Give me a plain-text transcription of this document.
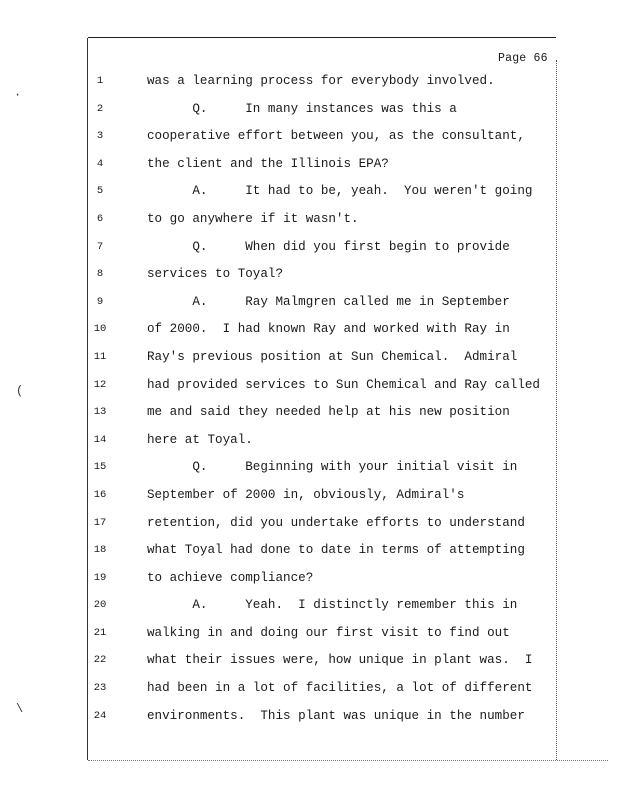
·
(
\
Page 66
1	was a learning process for everybody involved.
2	Q.     In many instances was this a
3	cooperative effort between you, as the consultant,
4	the client and the Illinois EPA?
5	A.     It had to be, yeah.  You weren't going
6	to go anywhere if it wasn't.
7	Q.     When did you first begin to provide
8	services to Toyal?
9	A.     Ray Malmgren called me in September
10	of 2000.  I had known Ray and worked with Ray in
11	Ray's previous position at Sun Chemical.  Admiral
12	had provided services to Sun Chemical and Ray called
13	me and said they needed help at his new position
14	here at Toyal.
15	Q.     Beginning with your initial visit in
16	September of 2000 in, obviously, Admiral's
17	retention, did you undertake efforts to understand
18	what Toyal had done to date in terms of attempting
19	to achieve compliance?
20	A.     Yeah.  I distinctly remember this in
21	walking in and doing our first visit to find out
22	what their issues were, how unique in plant was.  I
23	had been in a lot of facilities, a lot of different
24	environments.  This plant was unique in the number
